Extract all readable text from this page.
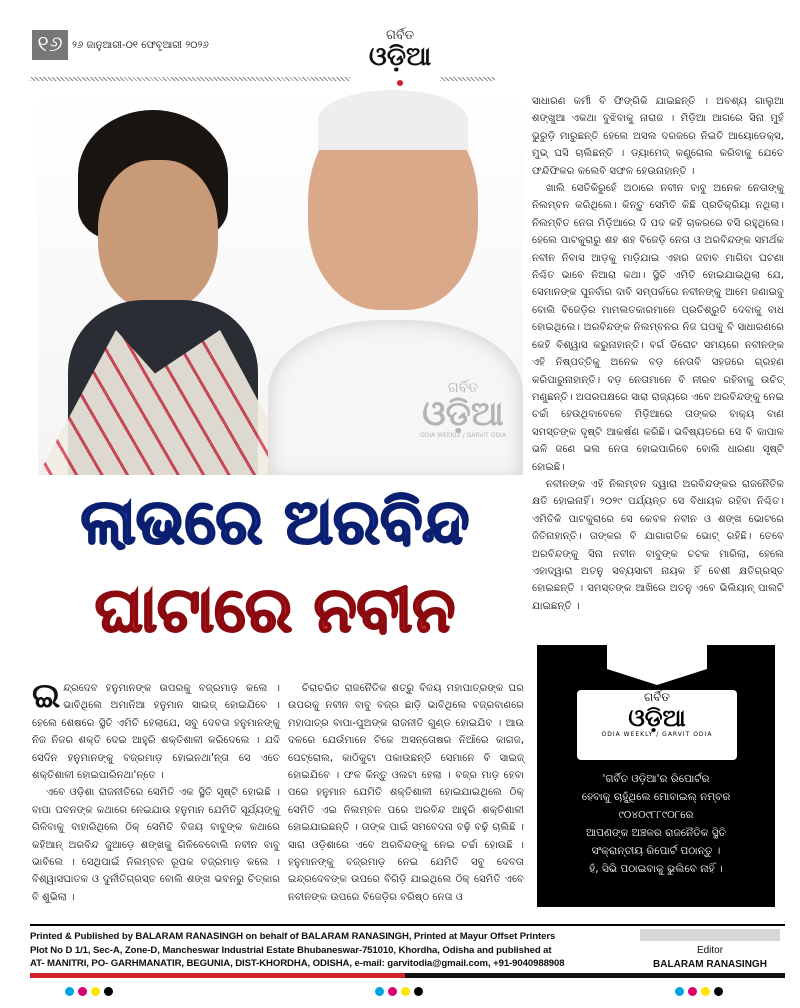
୧୬ ୨୬ ଜାନୁଆରୀ-୦୧ ଫେବୃଆରୀ ୨୦୨୬
ଗର୍ବିତ
ଓଡ଼ିଆ
ଗର୍ବିତ
ଓଡ଼ିଆ
ODIA WEEKLY / GARVIT ODIA

ସାଧାରଣ କର୍ମୀ ବି ଫିଙ୍ଗିକି ଯାଇଛନ୍ତି । ଅବଶ୍ୟ ଗାଲୁଆ ଶଙ୍ଖୁଆ ଏକଥା ବୁଝିବାକୁ ନାରାଜ । ମିଡ଼ିଆ ଆଗରେ ସିନା ମୁହଁ ଭୁରୁଡ଼ି ମାରୁଛନ୍ତି ହେଲେ ଅସଲ ଦରଜରେ ନିଇତି ଆୟୋଡେକ୍ସ, ମୁଭ୍ ଘସି ଚାଲିଛନ୍ତି । ଡ୍ୟାମେଜ୍ କଣ୍ଟ୍ରୋଲ କରିବାକୁ ଯେତେ ଫନ୍ଦିଫିକର କଲେବି ସଫଳ ହେଉନାହାନ୍ତି ।

ଖାଲି ସେତିକିରୁହେଁ ଅଠାରେ ନବୀନ ବାବୁ ଅନେକ ନେତାଙ୍କୁ ନିଲମ୍ବନ କରିଥିଲେ। କିନ୍ତୁ ସେମିତି କିଛି ପ୍ରତିକ୍ରିୟା ନଥିଲା। ନିଲମ୍ବିତ ନେତା ମିଡ଼ିଆରେ ଦି ପଦ କହି ଚାକରରେ ବସି ରହୁଥିଲେ। ହେଲେ ପାଟକୁରାରୁ ଶହ ଶହ ବିଜେଡ଼ି ନେତା ଓ ଅରବିନ୍ଦଙ୍କ ସମର୍ଥକ ନବୀନ ନିବାସ ଆଡ଼କୁ ମାଡ଼ିଯାଇ ଏହାର ଜବାବ ମାଗିବା ଘଟଣା ନିଶ୍ଚିତ ଭାବେ ନିଆରା କଥା। ସ୍ଥିତି ଏମିତି ହୋଇଯାଇଥିଲା ଯେ, ସେମାନଙ୍କ ପୁନର୍ବାର ଦାବି ସମ୍ପର୍କରେ ନବୀନଙ୍କୁ ଆମେ ଜଣାଇବୁ ବୋଲି ବିଜେଡ଼ିର ମାମଲତକାରମାନେ ପ୍ରତିଶ୍ରୁତି ଦେବାକୁ ବାଧ ହୋଇଥିଲେ। ଅରବିନ୍ଦଙ୍କ ନିଲମ୍ବନର ନିଜ ଘପକୁ ବି ସାଧାରଣରେ କେହି ବିଶ୍ୱାସ କରୁନାହାନ୍ତି। ବର୍ଗ ଡିରୋଟ ସମୟରେ ନବୀନଙ୍କ ଏହି ନିଷ୍ପତ୍ତିକୁ ଅନେକ ବଡ଼ ନେତାବି ସହଜରେ ଗ୍ରହଣ କରିପାରୁନାହାନ୍ତି। ବଡ଼ ନେତାମାନେ ବି ନୀରବ ରହିବାକୁ ଉଚିତ୍ ମଣୁଛନ୍ତି। ଅପରପକ୍ଷରେ ସାରା ରାଜ୍ୟରେ ଏବେ ଅରବିନ୍ଦଙ୍କୁ ନେଇ ଚର୍ଚ୍ଚା ହେଉଥିବାବେଳେ ମିଡ଼ିଆରେ ତାଙ୍କର ବାକ୍ୟ ବାଣ ସମସ୍ତଙ୍କ ଦୃଷ୍ଟି ଆକର୍ଷଣ କରିଛି। ଭବିଷ୍ୟତରେ ସେ ବି କାପାଳ ଭଳି ଜଣେ ଭଲ ନେତା ହୋଇପାରିବେ ବୋଲି ଧାରଣା ସୃଷ୍ଟି ହୋଇଛି।

ନବୀନଙ୍କ ଏହି ନିଲମ୍ବନ ଦ୍ୱାରା ଅରବିନ୍ଦଙ୍କର ରାଜନୈତିକ କ୍ଷତି ହୋଇନାହିଁ। ୨୦୨୯ ପର୍ଯ୍ୟନ୍ତ ସେ ବିଧାୟକ ରହିବା ନିଶ୍ଚିତ। ଏମିତିକି ପାଟକୁରାରେ ସେ କେବଳ ନବୀନ ଓ ଶଙ୍ଖ ଭୋଟରେ ଜିତିନାହାନ୍ତି। ତାଙ୍କର ବି ଯାଗାଗତିକ ଭୋଟ୍ ରହିଛି। ତେବେ ଅରବିନ୍ଦଙ୍କୁ ସିନା ନବୀନ ବାବୁଙ୍କ ଚଟକ ମାରିଲା, ହେଲେ ଏହାଦ୍ୱାରା ଅତନୁ ସବ୍ୟସାଚୀ ନାୟକ ହିଁ ବେଶୀ କ୍ଷତିଗ୍ରସ୍ତ ହୋଇଛନ୍ତି । ସମସ୍ତଙ୍କ ଆଖିରେ ଅତନୁ ଏବେ ଭିଲିୟାନ୍ ପାଲଟି ଯାଇଛନ୍ତି ।

ଲାଭରେ ଅରବିନ୍ଦ
ଘାଟାରେ ନବୀନ
ଇ ନ୍ଦ୍ରଦେବ ହନୁମାନଙ୍କ ଉପରକୁ ବଜ୍ରମାଡ଼ କଲେ । ଭାବିଥିଲେ ଅମାନିଆ ହନୁମାନ ସାଇଜ୍ ହୋଇଯିବେ । ହେଲେ ଶେଷରେ ସ୍ଥିତି ଏମିତି ହେଲାଯେ, ସବୁ ଦେବତା ହନୁମାନଙ୍କୁ ନିଜ ନିଜର ଶକ୍ତି ଦେଇ ଆହୁରି ଶକ୍ତିଶାଳୀ କରିଦେଲେ । ଯଦି ସେଦିନ ହନୁମାନଙ୍କୁ ବଜ୍ରମାଡ଼ ହୋଇନଥା'ନ୍ତା ସେ ଏତେ ଶକ୍ତିଶାଳୀ ହୋଇପାରିନଥା'ନ୍ତେ ।

ଏବେ ଓଡ଼ିଶା ରାଜନୀତିରେ ସେମିତି ଏକ ସ୍ଥିତି ସୃଷ୍ଟି ହୋଇଛି । ବାପା ପବନଙ୍କ କଥାରେ ନେଇଯାଉ ହନୁମାନ ଯେମିତି ସୂର୍ଯ୍ୟଙ୍କୁ ଗିଳିବାକୁ ବାହାରିଥିଲେ ଠିକ୍ ସେମିତି ବିଜୟ ବାବୁଙ୍କ କଥାରେ କହିଆନ୍ ଅରବିନ୍ଦ ଜୁଆଡ଼େ ଶଙ୍ଖକୁ ଗିଳିବେବୋଲି ନବୀନ ବାବୁ ଭାବିଲେ । ସେଥିପାଇଁ ନିଲମ୍ବନ ରୂପକ ବଜ୍ରମାଡ଼ କଲେ । ବିଶ୍ୱାସଘାତକ ଓ ଦୁର୍ନୀତିଗ୍ରସ୍ତ ବୋଲି ଶଙ୍ଖ ଭବନରୁ ଚିତ୍କାର ବି ଶୁଭିଲା ।

ଚିରାଚରିତ ରାଜନୈତିକ ଶତ୍ରୁ ବିଜୟ ମହାପାତ୍ରଙ୍କ ଘର ଉପରକୁ ନବୀନ ବାବୁ ବଜ୍ର ଛାଡ଼ି ଭାବିଥିଲେ ବଜ୍ରବାଣରେ ମହାପାତ୍ର ବାପା-ପୁଅଙ୍କ ରାଜନୀତି ଗୁଣ୍ଡ ହୋଇଯିବ । ଆଉ ଦଳରେ ଯେଉଁମାନେ ଟିକେ ଅସନ୍ତୋଷର ନିଆଁରେ କାଗଜ, ପେଟ୍ରୋଲ, କାଠିକୁଟା ପକାଉଛନ୍ତି ସେମାନେ ବି ସାଇଜ୍ ହୋଇଯିବେ । ଫଳ କିନ୍ତୁ ଓଲଟା ହେଲା । ବଜ୍ର ମାଡ଼ ହେବା ପରେ ହନୁମାନ ଯେମିତି ଶକ୍ତିଶାଳୀ ହୋଇଯାଇଥିଲେ ଠିକ୍ ସେମିତି ଏଇ ନିଲମ୍ବନ ପରେ ଅରବିନ୍ଦ ଆହୁରି ଶକ୍ତିଶାଳୀ ହୋଇଯାଇଛନ୍ତି । ତାଙ୍କ ପାଇଁ ସମବେଦନା ବଢ଼ି ବଢ଼ି ଚାଲିଛି । ସାରା ଓଡ଼ିଶାରେ ଏବେ ଅରବିନ୍ଦଙ୍କୁ ନେଇ ଚର୍ଚ୍ଚା ହୋଉଛି । ହନୁମାନଙ୍କୁ ବଜ୍ରମାଡ଼ ନେଇ ଯେମିତି ସବୁ ଦେବତା ଇନ୍ଦ୍ରଦେବଙ୍କ ଉପରେ ବିଗିଡ଼ି ଯାଇଥିଲେ ଠିକ୍ ସେମିତି ଏବେ ନବୀନଙ୍କ ଉପରେ ବିଜେଡ଼ିର ବରିଷ୍ଠ ନେତା ଓ

ଗର୍ବିତ
ଓଡ଼ିଆ
ODIA WEEKLY / GARVIT ODIA
'ଗର୍ବିତ ଓଡ଼ିଆ'ର ରିପୋର୍ଟର
ହେବାକୁ ଚାହୁଁଥିଲେ ମୋବାଇଲ୍ ନମ୍ବର
୯୦୪୦୯୮୮୯୦୮ରେ
ଆପଣଙ୍କ ଅଞ୍ଚଳର ରାଜନୈତିକ ସ୍ଥିତି
ସଂକ୍ରାନ୍ତୀୟ ରିପୋର୍ଟ ପଠାନ୍ତୁ ।
ହଁ, ସିଭି ପଠାଇବାକୁ ଭୁଲିବେ ନାହିଁ ।
Printed & Published by BALARAM RANASINGH on behalf of BALARAM RANASINGH, Printed at Mayur Offset Printers
Plot No D 1/1, Sec-A, Zone-D, Mancheswar Industrial Estate Bhubaneswar-751010, Khordha, Odisha and published at
AT- MANITRI, PO- GARHMANATIR, BEGUNIA, DIST-KHORDHA, ODISHA, e-mail: garvitodia@gmail.com, +91-9040988908
Editor
BALARAM RANASINGH
